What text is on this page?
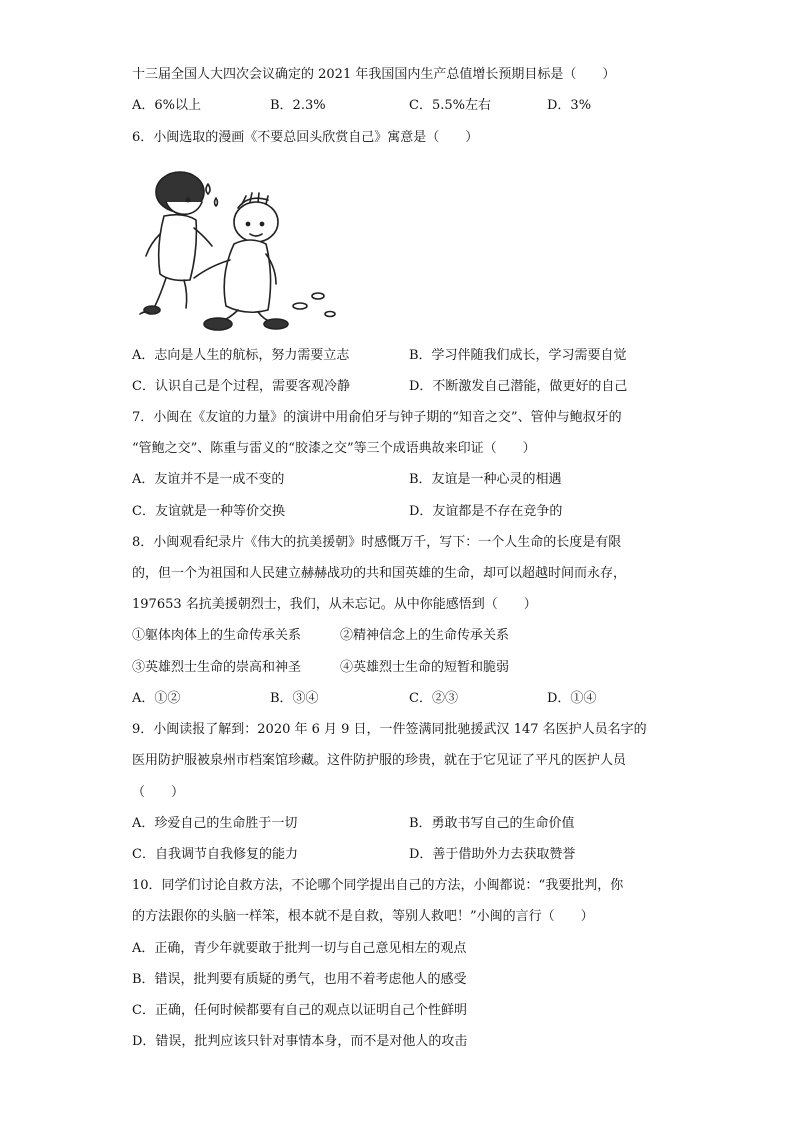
十三届全国人大四次会议确定的 2021 年我国国内生产总值增长预期目标是（　　）
A．6%以上	B．2.3%	C．5.5%左右	D．3%
6．小闽选取的漫画《不要总回头欣赏自己》寓意是（　　）
A．志向是人生的航标，努力需要立志	B．学习伴随我们成长，学习需要自觉
C．认识自己是个过程，需要客观冷静	D．不断激发自己潜能，做更好的自己
7．小闽在《友谊的力量》的演讲中用俞伯牙与钟子期的“知音之交”、管仲与鲍叔牙的
“管鲍之交”、陈重与雷义的“胶漆之交”等三个成语典故来印证（　　）
A．友谊并不是一成不变的	B．友谊是一种心灵的相遇
C．友谊就是一种等价交换	D．友谊都是不存在竞争的
8．小闽观看纪录片《伟大的抗美援朝》时感慨万千，写下：一个人生命的长度是有限
的，但一个为祖国和人民建立赫赫战功的共和国英雄的生命，却可以超越时间而永存，
197653 名抗美援朝烈士，我们，从未忘记。从中你能感悟到（　　）
①躯体肉体上的生命传承关系	②精神信念上的生命传承关系
③英雄烈士生命的崇高和神圣	④英雄烈士生命的短暂和脆弱
A．①②	B．③④	C．②③	D．①④
9．小闽读报了解到：2020 年 6 月 9 日，一件签满同批驰援武汉 147 名医护人员名字的
医用防护服被泉州市档案馆珍藏。这件防护服的珍贵，就在于它见证了平凡的医护人员
（　　）
A．珍爱自己的生命胜于一切	B．勇敢书写自己的生命价值
C．自我调节自我修复的能力	D．善于借助外力去获取赞誉
10．同学们讨论自救方法，不论哪个同学提出自己的方法，小闽都说：“我要批判，你
的方法跟你的头脑一样笨，根本就不是自救，等别人救吧！”小闽的言行（　　）
A．正确，青少年就要敢于批判一切与自己意见相左的观点
B．错误，批判要有质疑的勇气，也用不着考虑他人的感受
C．正确，任何时候都要有自己的观点以证明自己个性鲜明
D．错误，批判应该只针对事情本身，而不是对他人的攻击
